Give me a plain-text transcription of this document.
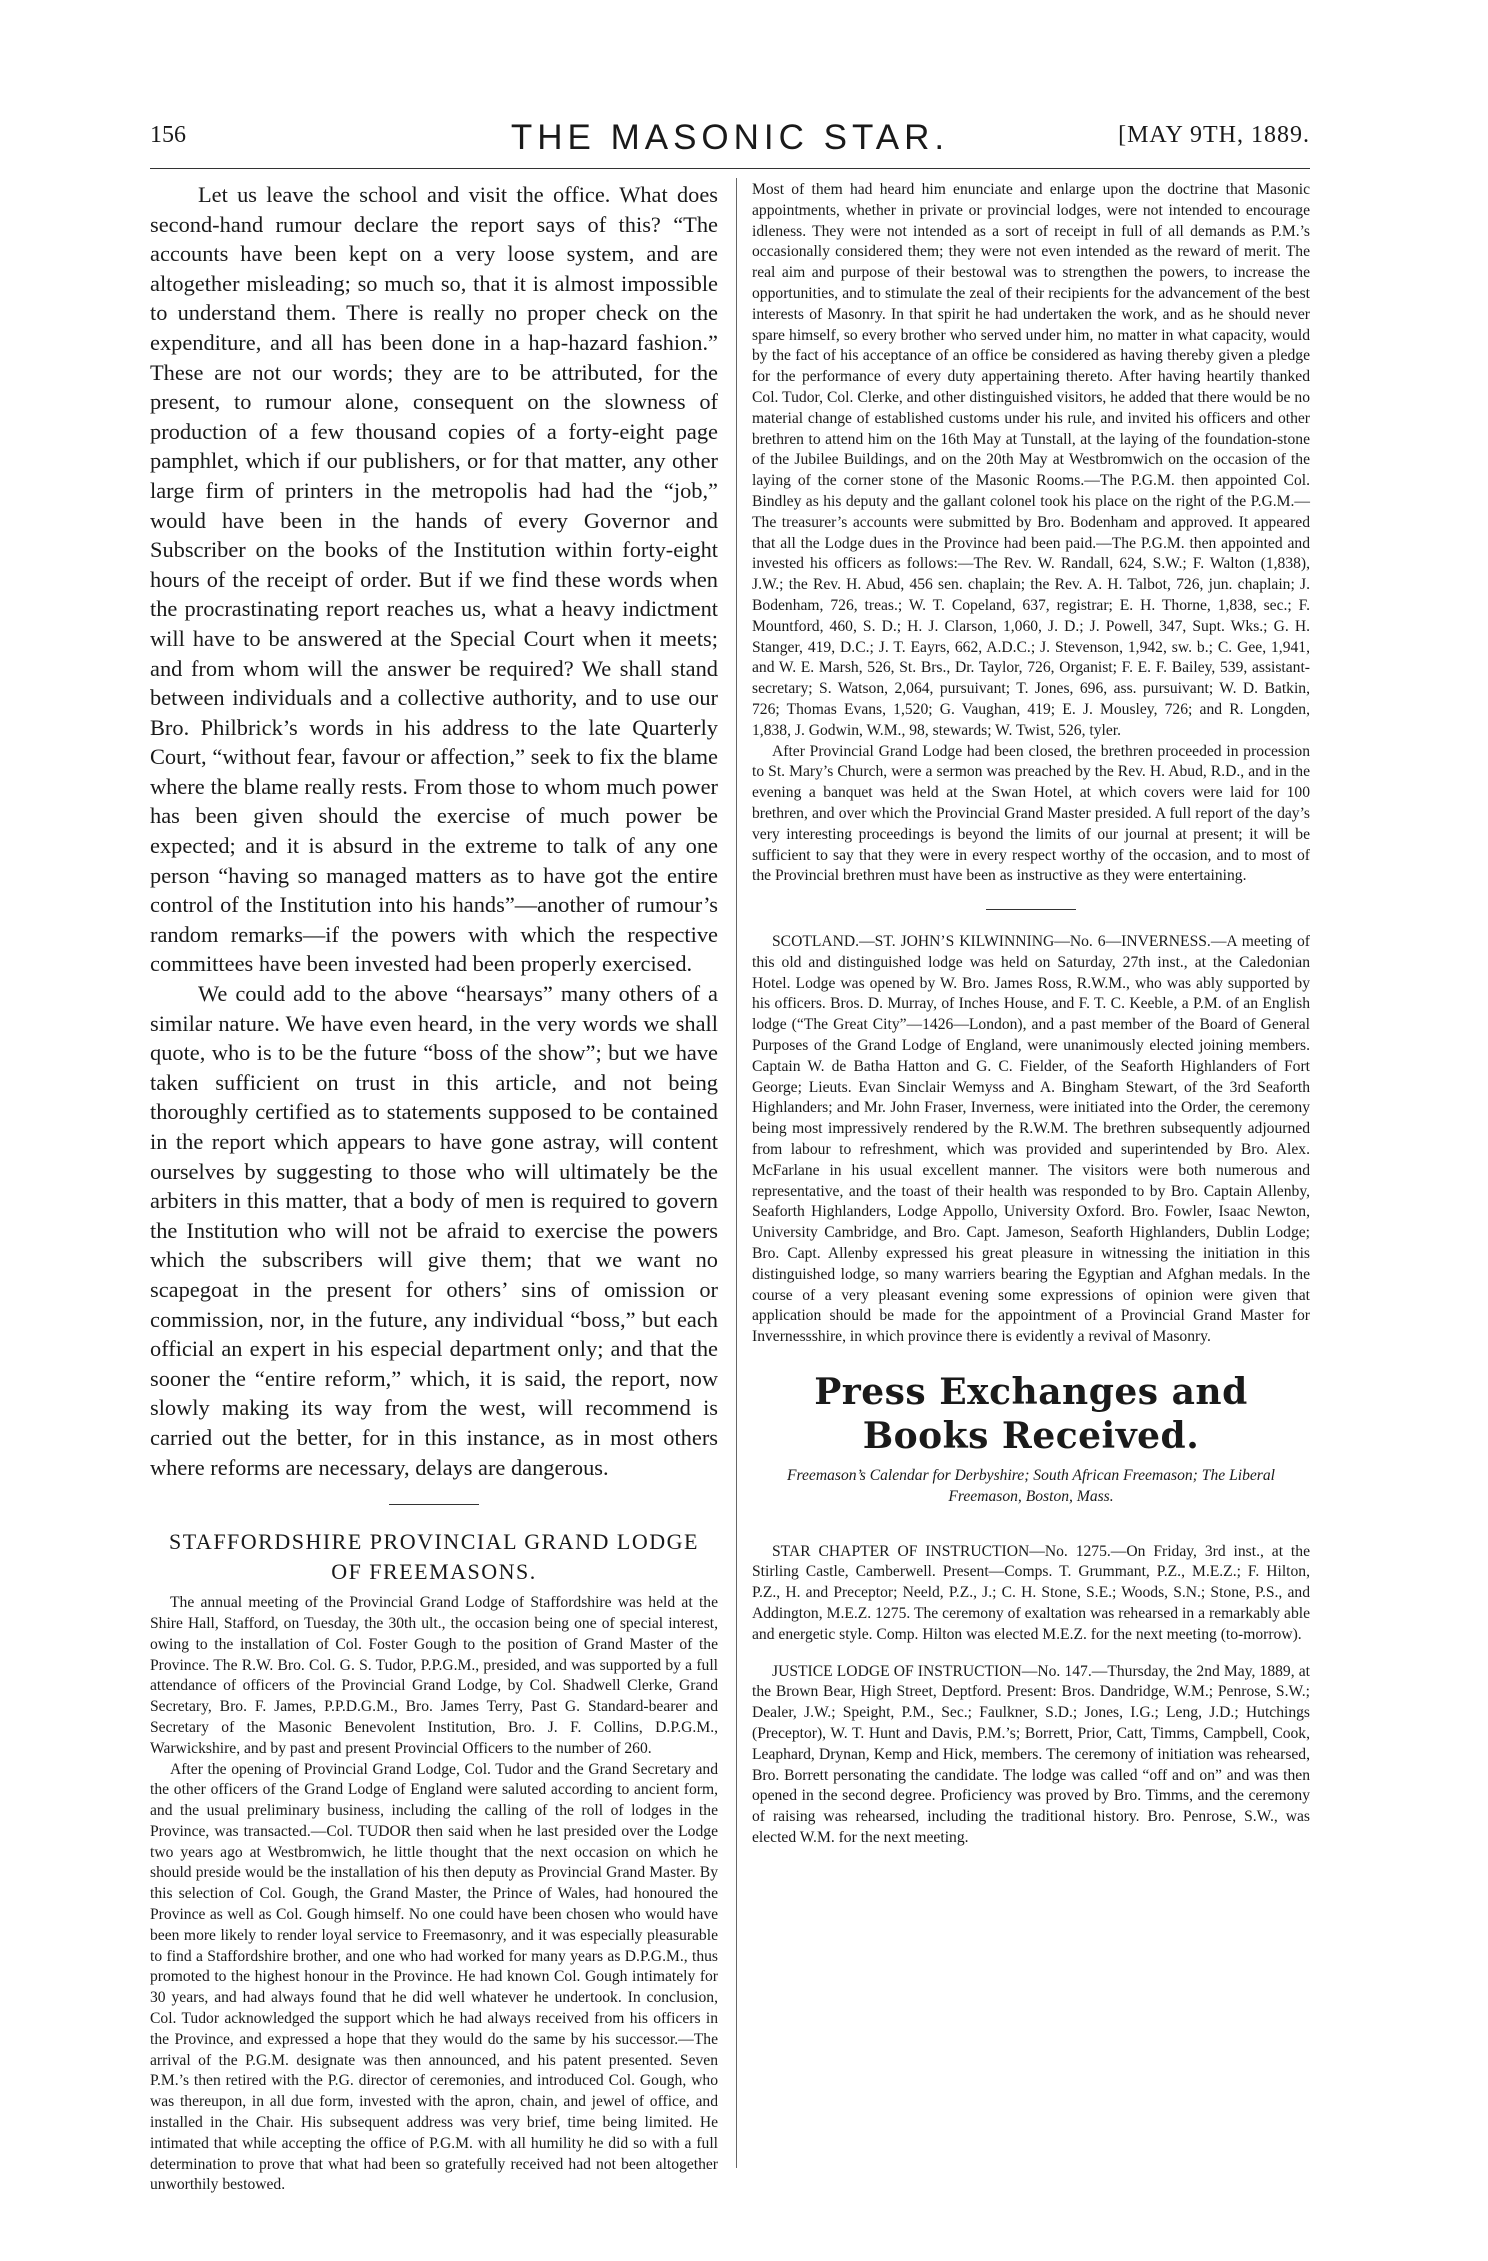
156	THE MASONIC STAR.	[MAY 9TH, 1889.

Let us leave the school and visit the office. What does second-hand rumour declare the report says of this? “The accounts have been kept on a very loose system, and are altogether misleading; so much so, that it is almost impossible to understand them. There is really no proper check on the expenditure, and all has been done in a hap-hazard fashion.” These are not our words; they are to be attributed, for the present, to rumour alone, consequent on the slowness of production of a few thousand copies of a forty-eight page pamphlet, which if our publishers, or for that matter, any other large firm of printers in the metropolis had had the “job,” would have been in the hands of every Governor and Subscriber on the books of the Institution within forty-eight hours of the receipt of order. But if we find these words when the procrastinating report reaches us, what a heavy indictment will have to be answered at the Special Court when it meets; and from whom will the answer be required? We shall stand between individuals and a collective authority, and to use our Bro. Philbrick’s words in his address to the late Quarterly Court, “without fear, favour or affection,” seek to fix the blame where the blame really rests. From those to whom much power has been given should the exercise of much power be expected; and it is absurd in the extreme to talk of any one person “having so managed matters as to have got the entire control of the Institution into his hands”—another of rumour’s random remarks—if the powers with which the respective committees have been invested had been properly exercised.

We could add to the above “hearsays” many others of a similar nature. We have even heard, in the very words we shall quote, who is to be the future “boss of the show”; but we have taken sufficient on trust in this article, and not being thoroughly certified as to statements supposed to be contained in the report which appears to have gone astray, will content ourselves by suggesting to those who will ultimately be the arbiters in this matter, that a body of men is required to govern the Institution who will not be afraid to exercise the powers which the subscribers will give them; that we want no scapegoat in the present for others’ sins of omission or commission, nor, in the future, any individual “boss,” but each official an expert in his especial department only; and that the sooner the “entire reform,” which, it is said, the report, now slowly making its way from the west, will recommend is carried out the better, for in this instance, as in most others where reforms are necessary, delays are dangerous.

STAFFORDSHIRE PROVINCIAL GRAND LODGE OF FREEMASONS.

The annual meeting of the Provincial Grand Lodge of Staffordshire was held at the Shire Hall, Stafford, on Tuesday, the 30th ult., the occasion being one of special interest, owing to the installation of Col. Foster Gough to the position of Grand Master of the Province. The R.W. Bro. Col. G. S. Tudor, P.P.G.M., presided, and was supported by a full attendance of officers of the Provincial Grand Lodge, by Col. Shadwell Clerke, Grand Secretary, Bro. F. James, P.P.D.G.M., Bro. James Terry, Past G. Standard-bearer and Secretary of the Masonic Benevolent Institution, Bro. J. F. Collins, D.P.G.M., Warwickshire, and by past and present Provincial Officers to the number of 260.

After the opening of Provincial Grand Lodge, Col. Tudor and the Grand Secretary and the other officers of the Grand Lodge of England were saluted according to ancient form, and the usual preliminary business, including the calling of the roll of lodges in the Province, was transacted.—Col. TUDOR then said when he last presided over the Lodge two years ago at Westbromwich, he little thought that the next occasion on which he should preside would be the installation of his then deputy as Provincial Grand Master. By this selection of Col. Gough, the Grand Master, the Prince of Wales, had honoured the Province as well as Col. Gough himself. No one could have been chosen who would have been more likely to render loyal service to Freemasonry, and it was especially pleasurable to find a Staffordshire brother, and one who had worked for many years as D.P.G.M., thus promoted to the highest honour in the Province. He had known Col. Gough intimately for 30 years, and had always found that he did well whatever he undertook. In conclusion, Col. Tudor acknowledged the support which he had always received from his officers in the Province, and expressed a hope that they would do the same by his successor.—The arrival of the P.G.M. designate was then announced, and his patent presented. Seven P.M.’s then retired with the P.G. director of ceremonies, and introduced Col. Gough, who was thereupon, in all due form, invested with the apron, chain, and jewel of office, and installed in the Chair. His subsequent address was very brief, time being limited. He intimated that while accepting the office of P.G.M. with all humility he did so with a full determination to prove that what had been so gratefully received had not been altogether unworthily bestowed.

Most of them had heard him enunciate and enlarge upon the doctrine that Masonic appointments, whether in private or provincial lodges, were not intended to encourage idleness. They were not intended as a sort of receipt in full of all demands as P.M.’s occasionally considered them; they were not even intended as the reward of merit. The real aim and purpose of their bestowal was to strengthen the powers, to increase the opportunities, and to stimulate the zeal of their recipients for the advancement of the best interests of Masonry. In that spirit he had undertaken the work, and as he should never spare himself, so every brother who served under him, no matter in what capacity, would by the fact of his acceptance of an office be considered as having thereby given a pledge for the performance of every duty appertaining thereto. After having heartily thanked Col. Tudor, Col. Clerke, and other distinguished visitors, he added that there would be no material change of established customs under his rule, and invited his officers and other brethren to attend him on the 16th May at Tunstall, at the laying of the foundation-stone of the Jubilee Buildings, and on the 20th May at Westbromwich on the occasion of the laying of the corner stone of the Masonic Rooms.—The P.G.M. then appointed Col. Bindley as his deputy and the gallant colonel took his place on the right of the P.G.M.—The treasurer’s accounts were submitted by Bro. Bodenham and approved. It appeared that all the Lodge dues in the Province had been paid.—The P.G.M. then appointed and invested his officers as follows:—The Rev. W. Randall, 624, S.W.; F. Walton (1,838), J.W.; the Rev. H. Abud, 456 sen. chaplain; the Rev. A. H. Talbot, 726, jun. chaplain; J. Bodenham, 726, treas.; W. T. Copeland, 637, registrar; E. H. Thorne, 1,838, sec.; F. Mountford, 460, S. D.; H. J. Clarson, 1,060, J. D.; J. Powell, 347, Supt. Wks.; G. H. Stanger, 419, D.C.; J. T. Eayrs, 662, A.D.C.; J. Stevenson, 1,942, sw. b.; C. Gee, 1,941, and W. E. Marsh, 526, St. Brs., Dr. Taylor, 726, Organist; F. E. F. Bailey, 539, assistant-secretary; S. Watson, 2,064, pursuivant; T. Jones, 696, ass. pursuivant; W. D. Batkin, 726; Thomas Evans, 1,520; G. Vaughan, 419; E. J. Mousley, 726; and R. Longden, 1,838, J. Godwin, W.M., 98, stewards; W. Twist, 526, tyler.

After Provincial Grand Lodge had been closed, the brethren proceeded in procession to St. Mary’s Church, were a sermon was preached by the Rev. H. Abud, R.D., and in the evening a banquet was held at the Swan Hotel, at which covers were laid for 100 brethren, and over which the Provincial Grand Master presided. A full report of the day’s very interesting proceedings is beyond the limits of our journal at present; it will be sufficient to say that they were in every respect worthy of the occasion, and to most of the Provincial brethren must have been as instructive as they were entertaining.

SCOTLAND.—ST. JOHN’S KILWINNING—No. 6—INVERNESS.—A meeting of this old and distinguished lodge was held on Saturday, 27th inst., at the Caledonian Hotel. Lodge was opened by W. Bro. James Ross, R.W.M., who was ably supported by his officers. Bros. D. Murray, of Inches House, and F. T. C. Keeble, a P.M. of an English lodge (“The Great City”—1426—London), and a past member of the Board of General Purposes of the Grand Lodge of England, were unanimously elected joining members. Captain W. de Batha Hatton and G. C. Fielder, of the Seaforth Highlanders of Fort George; Lieuts. Evan Sinclair Wemyss and A. Bingham Stewart, of the 3rd Seaforth Highlanders; and Mr. John Fraser, Inverness, were initiated into the Order, the ceremony being most impressively rendered by the R.W.M. The brethren subsequently adjourned from labour to refreshment, which was provided and superintended by Bro. Alex. McFarlane in his usual excellent manner. The visitors were both numerous and representative, and the toast of their health was responded to by Bro. Captain Allenby, Seaforth Highlanders, Lodge Appollo, University Oxford. Bro. Fowler, Isaac Newton, University Cambridge, and Bro. Capt. Jameson, Seaforth Highlanders, Dublin Lodge; Bro. Capt. Allenby expressed his great pleasure in witnessing the initiation in this distinguished lodge, so many warriers bearing the Egyptian and Afghan medals. In the course of a very pleasant evening some expressions of opinion were given that application should be made for the appointment of a Provincial Grand Master for Invernessshire, in which province there is evidently a revival of Masonry.

Press Exchanges and Books Received.
Freemason’s Calendar for Derbyshire; South African Freemason; The Liberal Freemason, Boston, Mass.

STAR CHAPTER OF INSTRUCTION—No. 1275.—On Friday, 3rd inst., at the Stirling Castle, Camberwell. Present—Comps. T. Grummant, P.Z., M.E.Z.; F. Hilton, P.Z., H. and Preceptor; Neeld, P.Z., J.; C. H. Stone, S.E.; Woods, S.N.; Stone, P.S., and Addington, M.E.Z. 1275. The ceremony of exaltation was rehearsed in a remarkably able and energetic style. Comp. Hilton was elected M.E.Z. for the next meeting (to-morrow).

JUSTICE LODGE OF INSTRUCTION—No. 147.—Thursday, the 2nd May, 1889, at the Brown Bear, High Street, Deptford. Present: Bros. Dandridge, W.M.; Penrose, S.W.; Dealer, J.W.; Speight, P.M., Sec.; Faulkner, S.D.; Jones, I.G.; Leng, J.D.; Hutchings (Preceptor), W. T. Hunt and Davis, P.M.’s; Borrett, Prior, Catt, Timms, Campbell, Cook, Leaphard, Drynan, Kemp and Hick, members. The ceremony of initiation was rehearsed, Bro. Borrett personating the candidate. The lodge was called “off and on” and was then opened in the second degree. Proficiency was proved by Bro. Timms, and the ceremony of raising was rehearsed, including the traditional history. Bro. Penrose, S.W., was elected W.M. for the next meeting.
